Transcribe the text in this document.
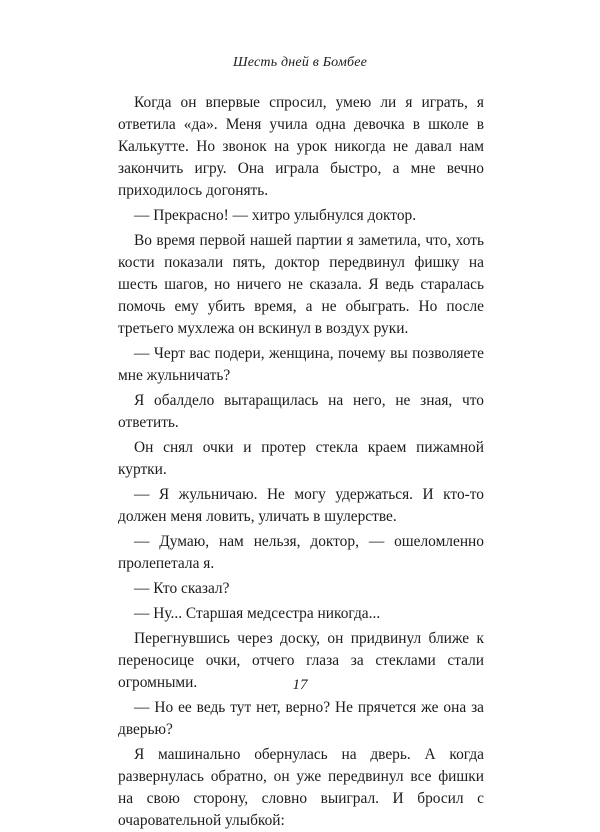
Шесть дней в Бомбее

Когда он впервые спросил, умею ли я играть, я ответила «да». Меня учила одна девочка в школе в Калькутте. Но звонок на урок никогда не давал нам закончить игру. Она играла быстро, а мне вечно приходилось догонять.

— Прекрасно! — хитро улыбнулся доктор.

Во время первой нашей партии я заметила, что, хоть кости показали пять, доктор передвинул фишку на шесть шагов, но ничего не сказала. Я ведь старалась помочь ему убить время, а не обыграть. Но после третьего мухлежа он вскинул в воздух руки.

— Черт вас подери, женщина, почему вы позволяете мне жульничать?

Я обалдело вытаращилась на него, не зная, что ответить.

Он снял очки и протер стекла краем пижамной куртки.

— Я жульничаю. Не могу удержаться. И кто-то должен меня ловить, уличать в шулерстве.

— Думаю, нам нельзя, доктор, — ошеломленно пролепетала я.

— Кто сказал?

— Ну... Старшая медсестра никогда...

Перегнувшись через доску, он придвинул ближе к переносице очки, отчего глаза за стеклами стали огромными.

— Но ее ведь тут нет, верно? Не прячется же она за дверью?

Я машинально обернулась на дверь. А когда развернулась обратно, он уже передвинул все фишки на свою сторону, словно выиграл. И бросил с очаровательной улыбкой:

17
